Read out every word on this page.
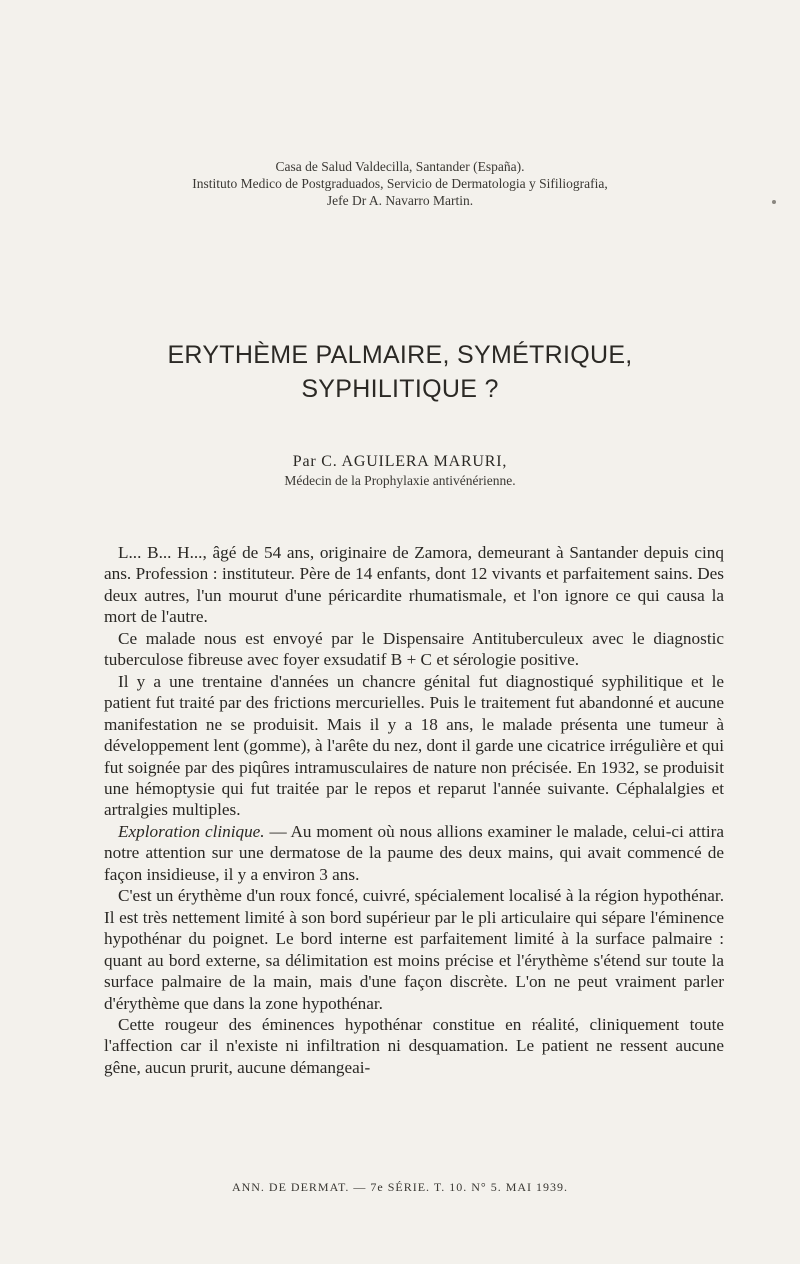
Casa de Salud Valdecilla, Santander (España).
Instituto Medico de Postgraduados, Servicio de Dermatologia y Sifiliografia,
Jefe Dr A. Navarro Martin.
ERYTHÈME PALMAIRE, SYMÉTRIQUE,
SYPHILITIQUE ?
Par C. AGUILERA MARURI,
Médecin de la Prophylaxie antivénérienne.

L... B... H..., âgé de 54 ans, originaire de Zamora, demeurant à Santander depuis cinq ans. Profession : instituteur. Père de 14 enfants, dont 12 vivants et parfaitement sains. Des deux autres, l'un mourut d'une péricardite rhumatismale, et l'on ignore ce qui causa la mort de l'autre.

Ce malade nous est envoyé par le Dispensaire Antituberculeux avec le diagnostic tuberculose fibreuse avec foyer exsudatif B + C et sérologie positive.

Il y a une trentaine d'années un chancre génital fut diagnostiqué syphilitique et le patient fut traité par des frictions mercurielles. Puis le traitement fut abandonné et aucune manifestation ne se produisit. Mais il y a 18 ans, le malade présenta une tumeur à développement lent (gomme), à l'arête du nez, dont il garde une cicatrice irrégulière et qui fut soignée par des piqûres intramusculaires de nature non précisée. En 1932, se produisit une hémoptysie qui fut traitée par le repos et reparut l'année suivante. Céphalalgies et artralgies multiples.

Exploration clinique. — Au moment où nous allions examiner le malade, celui-ci attira notre attention sur une dermatose de la paume des deux mains, qui avait commencé de façon insidieuse, il y a environ 3 ans.

C'est un érythème d'un roux foncé, cuivré, spécialement localisé à la région hypothénar. Il est très nettement limité à son bord supérieur par le pli articulaire qui sépare l'éminence hypothénar du poignet. Le bord interne est parfaitement limité à la surface palmaire : quant au bord externe, sa délimitation est moins précise et l'érythème s'étend sur toute la surface palmaire de la main, mais d'une façon discrète. L'on ne peut vraiment parler d'érythème que dans la zone hypothénar.

Cette rougeur des éminences hypothénar constitue en réalité, cliniquement toute l'affection car il n'existe ni infiltration ni desquamation. Le patient ne ressent aucune gêne, aucun prurit, aucune démangeai-

ANN. DE DERMAT. — 7e SÉRIE. T. 10. N° 5. MAI 1939.
